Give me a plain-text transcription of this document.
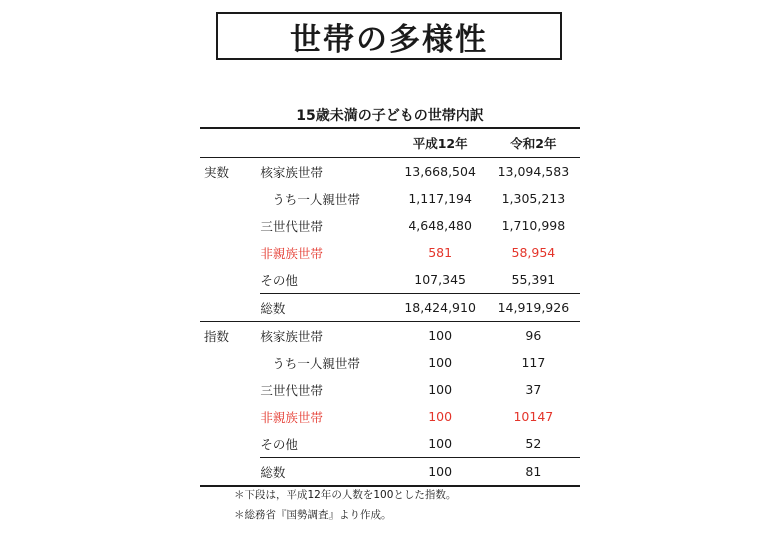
世帯の多様性
15歳未満の子どもの世帯内訳
		平成12年	令和2年
実数	核家族世帯	13,668,504	13,094,583
	うち一人親世帯	1,117,194	1,305,213
	三世代世帯	4,648,480	1,710,998
	非親族世帯	581	58,954
	その他	107,345	55,391
	総数	18,424,910	14,919,926
指数	核家族世帯	100	96
	うち一人親世帯	100	117
	三世代世帯	100	37
	非親族世帯	100	10147
	その他	100	52
	総数	100	81
＊下段は，平成12年の人数を100とした指数。
＊総務省『国勢調査』より作成。
